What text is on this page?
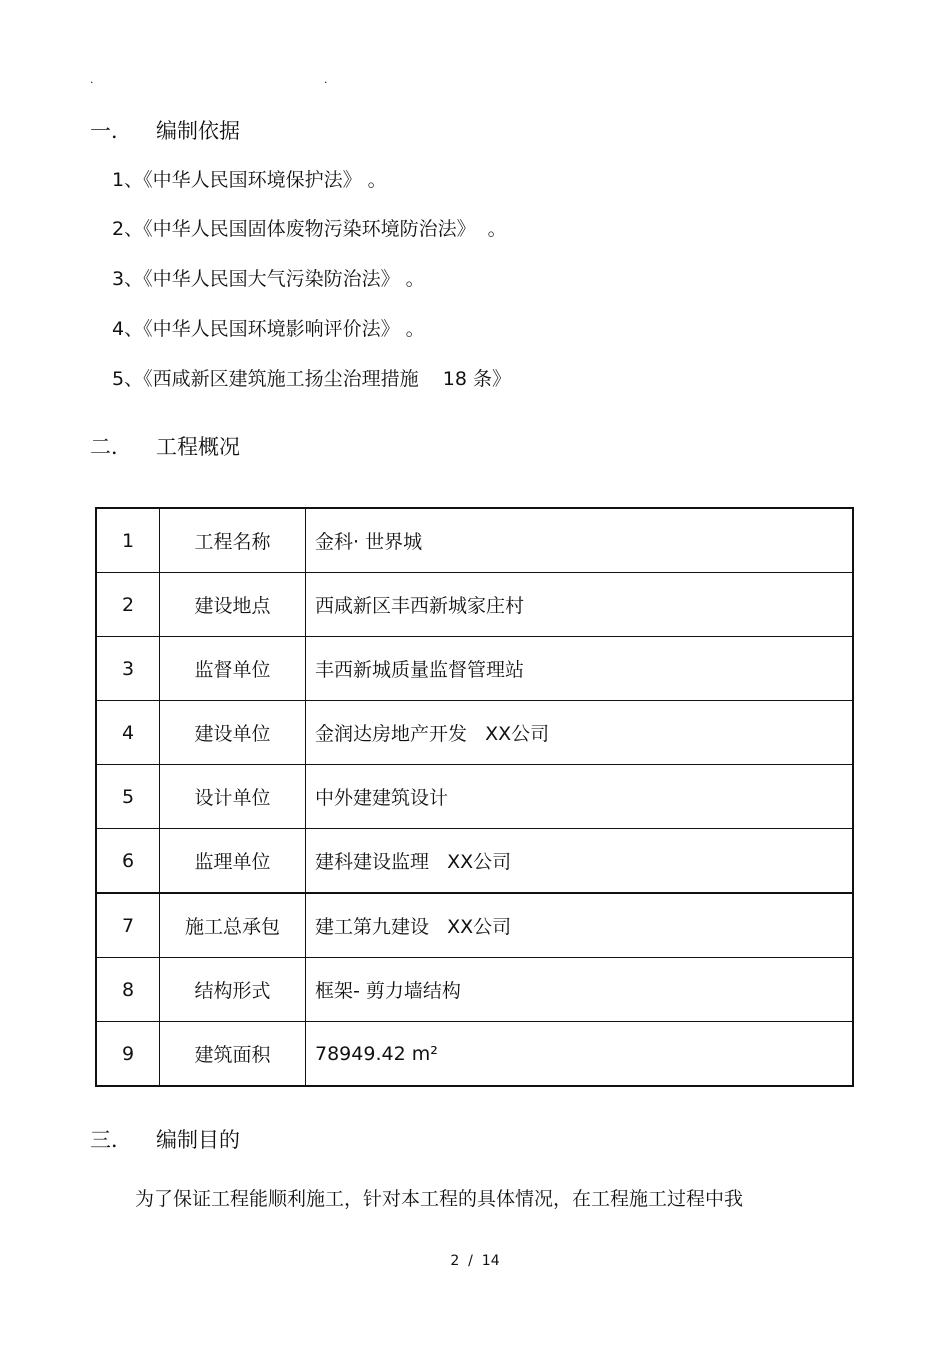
.	.
一． 编制依据
1、《中华人民国环境保护法》 。
2、《中华人民国固体废物污染环境防治法》  。
3、《中华人民国大气污染防治法》 。
4、《中华人民国环境影响评价法》 。
5、《西咸新区建筑施工扬尘治理措施    18 条》
二． 工程概况
1	工程名称	金科· 世界城
2	建设地点	西咸新区丰西新城家庄村
3	监督单位	丰西新城质量监督管理站
4	建设单位	金润达房地产开发   XX公司
5	设计单位	中外建建筑设计
6	监理单位	建科建设监理   XX公司
7	施工总承包	建工第九建设   XX公司
8	结构形式	框架- 剪力墙结构
9	建筑面积	78949.42 m²
三． 编制目的
为了保证工程能顺利施工，针对本工程的具体情况，在工程施工过程中我
2  /  14
